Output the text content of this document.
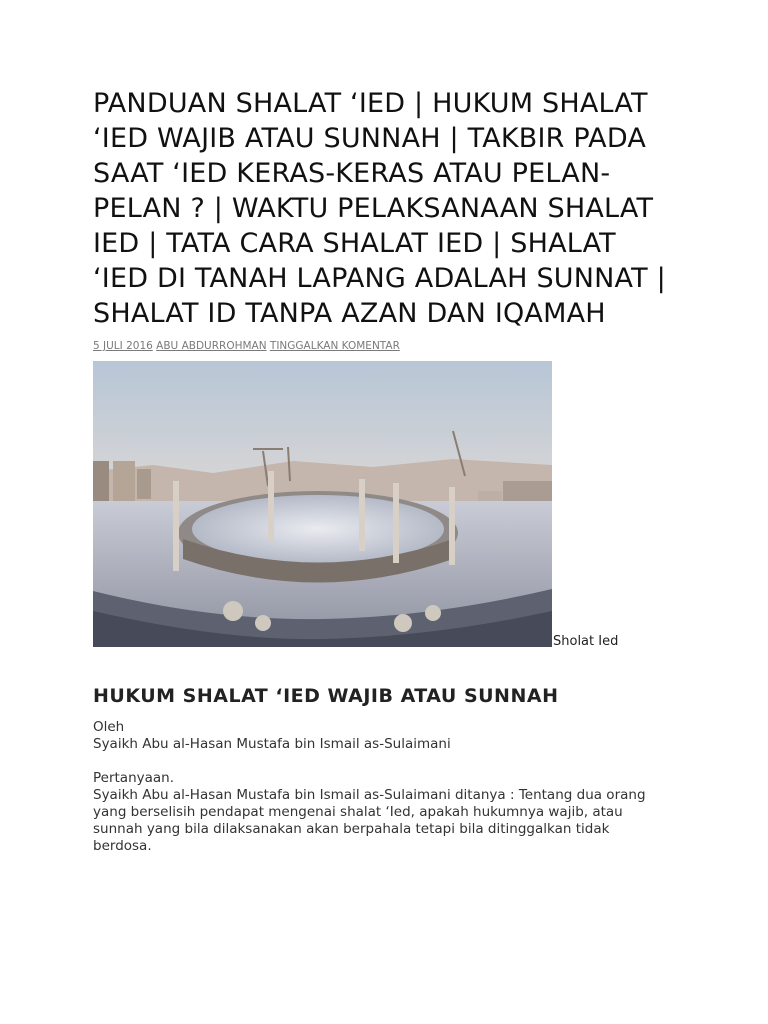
PANDUAN SHALAT ‘IED | HUKUM SHALAT ‘IED WAJIB ATAU SUNNAH | TAKBIR PADA SAAT ‘IED KERAS-KERAS ATAU PELAN-PELAN ? | WAKTU PELAKSANAAN SHALAT IED | TATA CARA SHALAT IED | SHALAT ‘IED DI TANAH LAPANG ADALAH SUNNAT | SHALAT ID TANPA AZAN DAN IQAMAH
5 JULI 2016 ABU ABDURROHMAN TINGGALKAN KOMENTAR
Sholat Ied
HUKUM SHALAT ‘IED WAJIB ATAU SUNNAH

Oleh

Syaikh Abu al-Hasan Mustafa bin Ismail as-Sulaimani

Pertanyaan.

Syaikh Abu al-Hasan Mustafa bin Ismail as-Sulaimani ditanya : Tentang dua orang yang berselisih pendapat mengenai shalat ‘Ied, apakah hukumnya wajib, atau sunnah yang bila dilaksanakan akan berpahala tetapi bila ditinggalkan tidak berdosa.
